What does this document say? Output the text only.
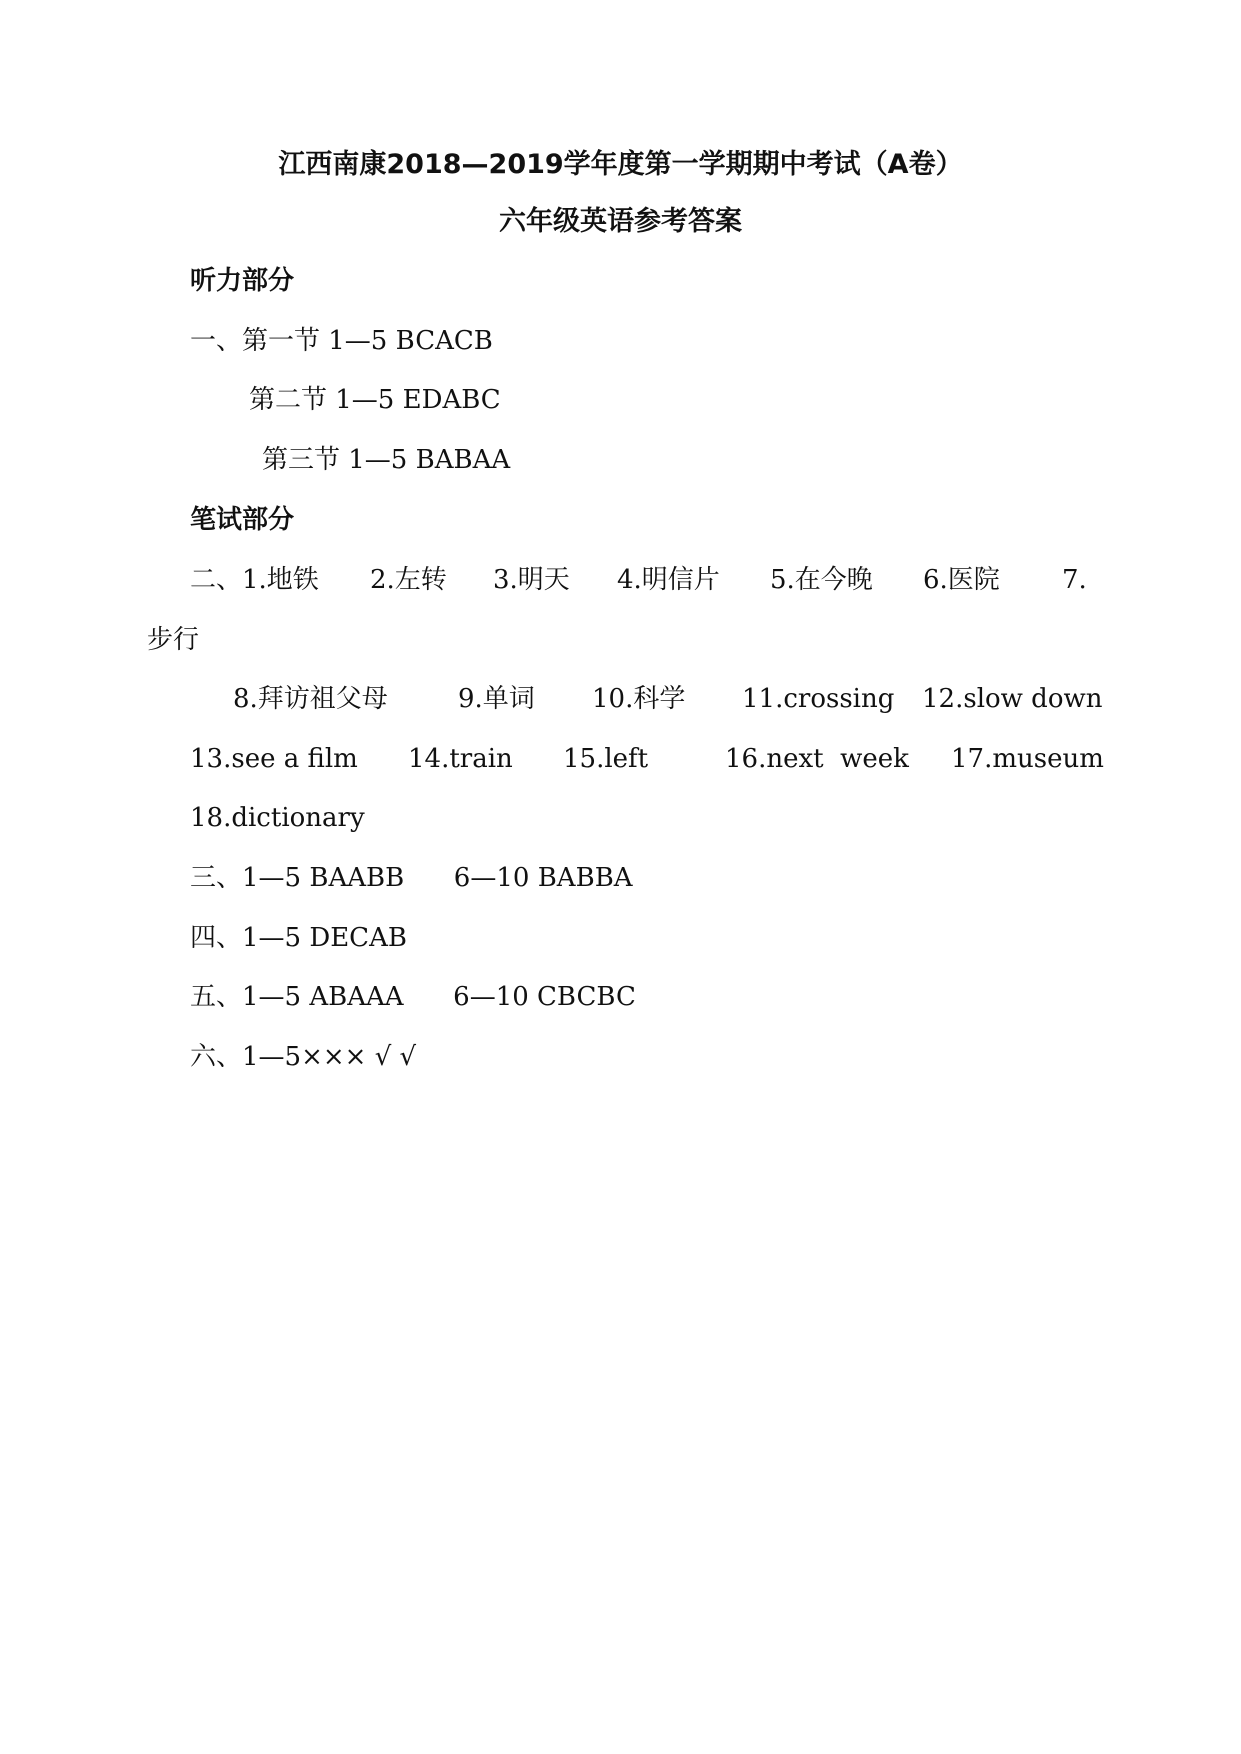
江西南康2018—2019学年度第一学期期中考试（A卷）
六年级英语参考答案
听力部分
一、第一节 1—5 BCACB
第二节 1—5 EDABC
第三节 1—5 BABAA
笔试部分
二、 1.地铁 2.左转 3.明天 4.明信片 5.在今晚 6.医院 7.
步行
8.拜访祖父母	9.单词 10.科学 11.crossing 12.slow down
13.see a film 14.train 15.left	16.next  week 17.museum
18.dictionary
三、1—5 BAABB      6—10 BABBA
四、1—5 DECAB
五、1—5 ABAAA      6—10 CBCBC
六、1—5××× √ √
